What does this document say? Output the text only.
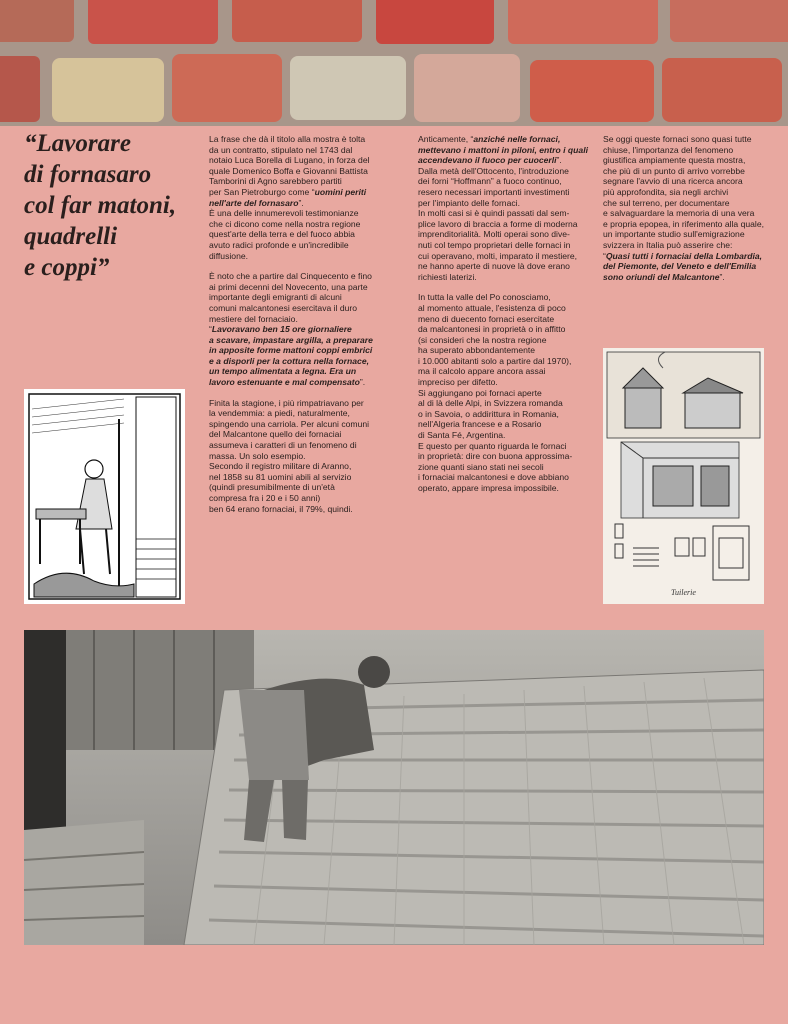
“Lavorare
di fornasaro
col far matoni,
quadrelli
e coppi”

La frase che dà il titolo alla mostra è tolta
da un contratto, stipulato nel 1743 dal
notaio Luca Borella di Lugano, in forza del
quale Domenico Boffa e Giovanni Battista
Tamborini di Agno sarebbero partiti
per San Pietroburgo come “uomini periti
nell'arte del fornasaro”.
È una delle innumerevoli testimonianze
che ci dicono come nella nostra regione
quest'arte della terra e del fuoco abbia
avuto radici profonde e un'incredibile
diffusione.

È noto che a partire dal Cinquecento e fino
ai primi decenni del Novecento, una parte
importante degli emigranti di alcuni
comuni malcantonesi esercitava il duro
mestiere del fornaciaio.
“Lavoravano ben 15 ore giornaliere
a scavare, impastare argilla, a preparare
in apposite forme mattoni coppi embrici
e a disporli per la cottura nella fornace,
un tempo alimentata a legna. Era un
lavoro estenuante e mal compensato”.

Finita la stagione, i più rimpatriavano per
la vendemmia: a piedi, naturalmente,
spingendo una carriola. Per alcuni comuni
del Malcantone quello dei fornaciai
assumeva i caratteri di un fenomeno di
massa. Un solo esempio.
Secondo il registro militare di Aranno,
nel 1858 su 81 uomini abili al servizio
(quindi presumibilmente di un'età
compresa fra i 20 e i 50 anni)
ben 64 erano fornaciai, il 79%, quindi.

Anticamente, “anziché nelle fornaci,
mettevano i mattoni in piloni, entro i quali
accendevano il fuoco per cuocerli”.
Dalla metà dell'Ottocento, l'introduzione
dei forni “Hoffmann” a fuoco continuo,
resero necessari importanti investimenti
per l'impianto delle fornaci.
In molti casi si è quindi passati dal sem-
plice lavoro di braccia a forme di moderna
imprenditorialità. Molti operai sono dive-
nuti col tempo proprietari delle fornaci in
cui operavano, molti, imparato il mestiere,
ne hanno aperte di nuove là dove erano
richiesti laterizi.

In tutta la valle del Po conosciamo,
al momento attuale, l'esistenza di poco
meno di duecento fornaci esercitate
da malcantonesi in proprietà o in affitto
(si consideri che la nostra regione
ha superato abbondantemente
i 10.000 abitanti solo a partire dal 1970),
ma il calcolo appare ancora assai
impreciso per difetto.
Si aggiungano poi fornaci aperte
al di là delle Alpi, in Svizzera romanda
o in Savoia, o addirittura in Romania,
nell'Algeria francese e a Rosario
di Santa Fé, Argentina.
E questo per quanto riguarda le fornaci
in proprietà: dire con buona approssima-
zione quanti siano stati nei secoli
i fornaciai malcantonesi e dove abbiano
operato, appare impresa impossibile.

Se oggi queste fornaci sono quasi tutte
chiuse, l'importanza del fenomeno
giustifica ampiamente questa mostra,
che più di un punto di arrivo vorrebbe
segnare l'avvio di una ricerca ancora
più approfondita, sia negli archivi
che sul terreno, per documentare
e salvaguardare la memoria di una vera
e propria epopea, in riferimento alla quale,
un importante studio sull'emigrazione
svizzera in Italia può asserire che:
“Quasi tutti i fornaciai della Lombardia,
del Piemonte, del Veneto e dell'Emilia
sono oriundi del Malcantone”.

Tuilerie
